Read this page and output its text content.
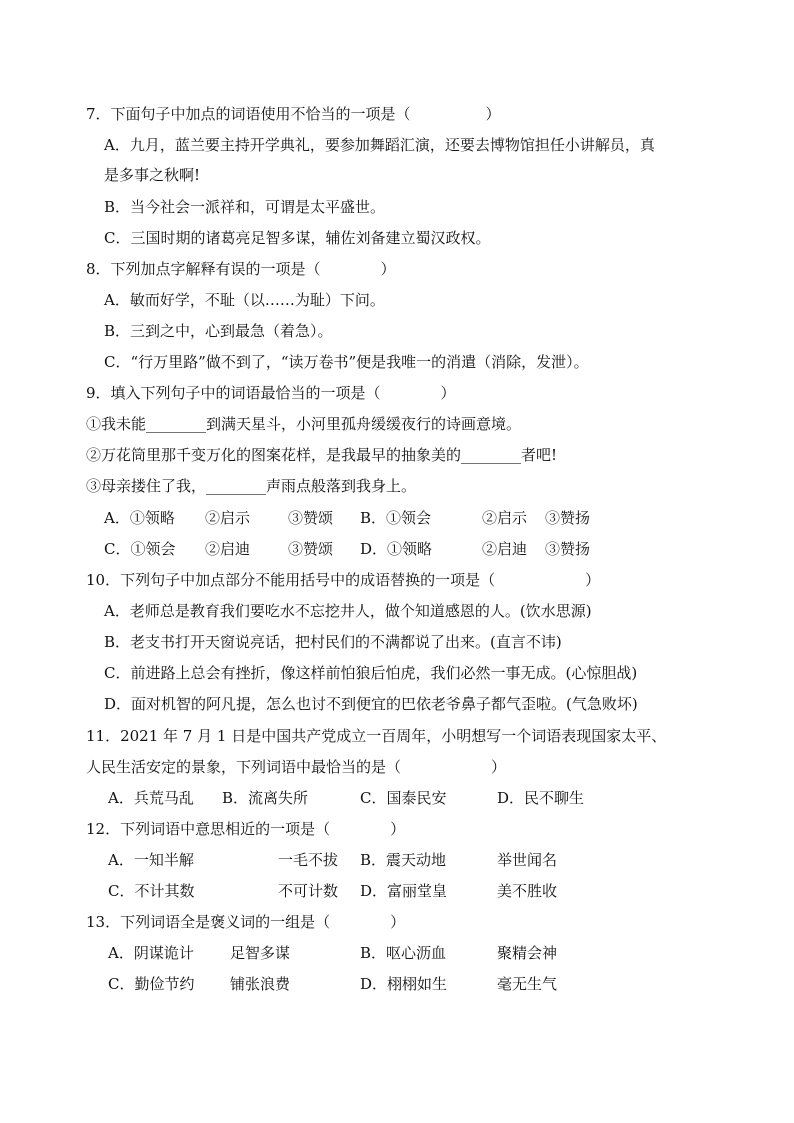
7．下面句子中加点的词语使用不恰当的一项是（　　　　　）
A．九月，蓝兰要主持开学典礼，要参加舞蹈汇演，还要去博物馆担任小讲解员，真
是多事之秋啊!
B．当今社会一派祥和，可谓是太平盛世。
C．三国时期的诸葛亮足智多谋，辅佐刘备建立蜀汉政权。
8．下列加点字解释有误的一项是（　　　　）
A．敏而好学，不耻（以……为耻）下问。
B．三到之中，心到最急（着急）。
C．“行万里路”做不到了，“读万卷书”便是我唯一的消遣（消除，发泄）。
9．填入下列句子中的词语最恰当的一项是（　　　　）
①我未能________到满天星斗，小河里孤舟缓缓夜行的诗画意境。
②万花筒里那千变万化的图案花样，是我最早的抽象美的________者吧!
③母亲搂住了我，________声雨点般落到我身上。
A．①领略 ②启示	③赞颂 B．①领会	②启示 ③赞扬
C．①领会 ②启迪	③赞颂 D．①领略	②启迪 ③赞扬
10．下列句子中加点部分不能用括号中的成语替换的一项是（　　　　　　）
A．老师总是教育我们要吃水不忘挖井人，做个知道感恩的人。(饮水思源)
B．老支书打开天窗说亮话，把村民们的不满都说了出来。(直言不讳)
C．前进路上总会有挫折，像这样前怕狼后怕虎，我们必然一事无成。(心惊胆战)
D．面对机智的阿凡提，怎么也讨不到便宜的巴依老爷鼻子都气歪啦。(气急败坏)
11．2021 年 7 月 1 日是中国共产党成立一百周年，小明想写一个词语表现国家太平、
人民生活安定的景象，下列词语中最恰当的是（　　　　　　）
A．兵荒马乱 B．流离失所	C．国泰民安	D．民不聊生
12．下列词语中意思相近的一项是（　　　　）
A．一知半解	一毛不拔 B．震天动地	举世闻名
C．不计其数	不可计数 D．富丽堂皇	美不胜收
13．下列词语全是褒义词的一组是（　　　　）
A．阴谋诡计 足智多谋	B．呕心沥血	聚精会神
C．勤俭节约 铺张浪费	D．栩栩如生	毫无生气
